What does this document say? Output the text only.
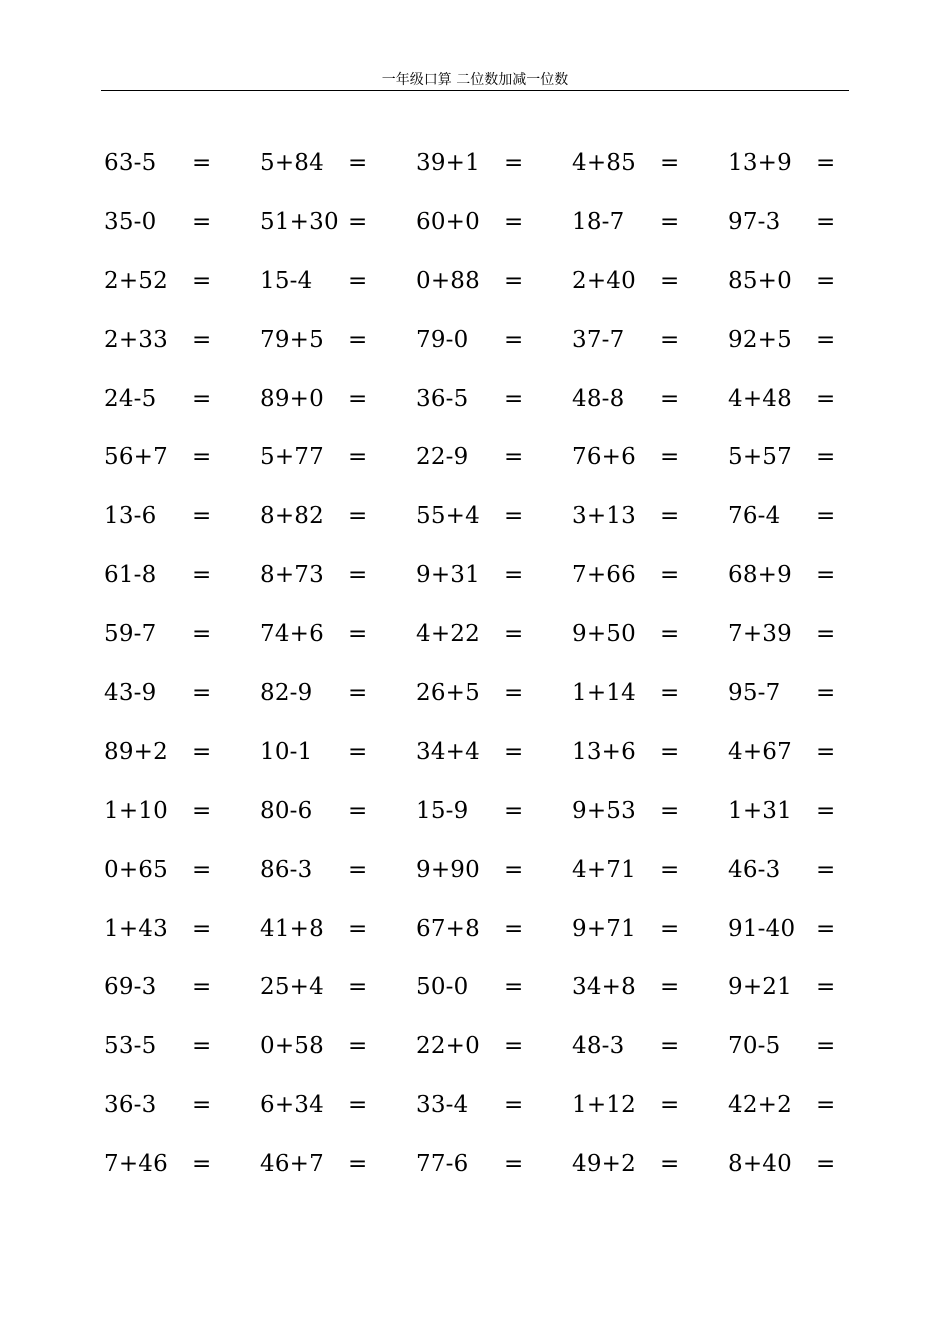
一年级口算 二位数加减一位数
63-5 = 5+84 = 39+1 = 4+85 = 13+9 =
35-0 = 51+30 = 60+0 = 18-7 = 97-3 =
2+52 = 15-4 = 0+88 = 2+40 = 85+0 =
2+33 = 79+5 = 79-0 = 37-7 = 92+5 =
24-5 = 89+0 = 36-5 = 48-8 = 4+48 =
56+7 = 5+77 = 22-9 = 76+6 = 5+57 =
13-6 = 8+82 = 55+4 = 3+13 = 76-4 =
61-8 = 8+73 = 9+31 = 7+66 = 68+9 =
59-7 = 74+6 = 4+22 = 9+50 = 7+39 =
43-9 = 82-9 = 26+5 = 1+14 = 95-7 =
89+2 = 10-1 = 34+4 = 13+6 = 4+67 =
1+10 = 80-6 = 15-9 = 9+53 = 1+31 =
0+65 = 86-3 = 9+90 = 4+71 = 46-3 =
1+43 = 41+8 = 67+8 = 9+71 = 91-40 =
69-3 = 25+4 = 50-0 = 34+8 = 9+21 =
53-5 = 0+58 = 22+0 = 48-3 = 70-5 =
36-3 = 6+34 = 33-4 = 1+12 = 42+2 =
7+46 = 46+7 = 77-6 = 49+2 = 8+40 =
